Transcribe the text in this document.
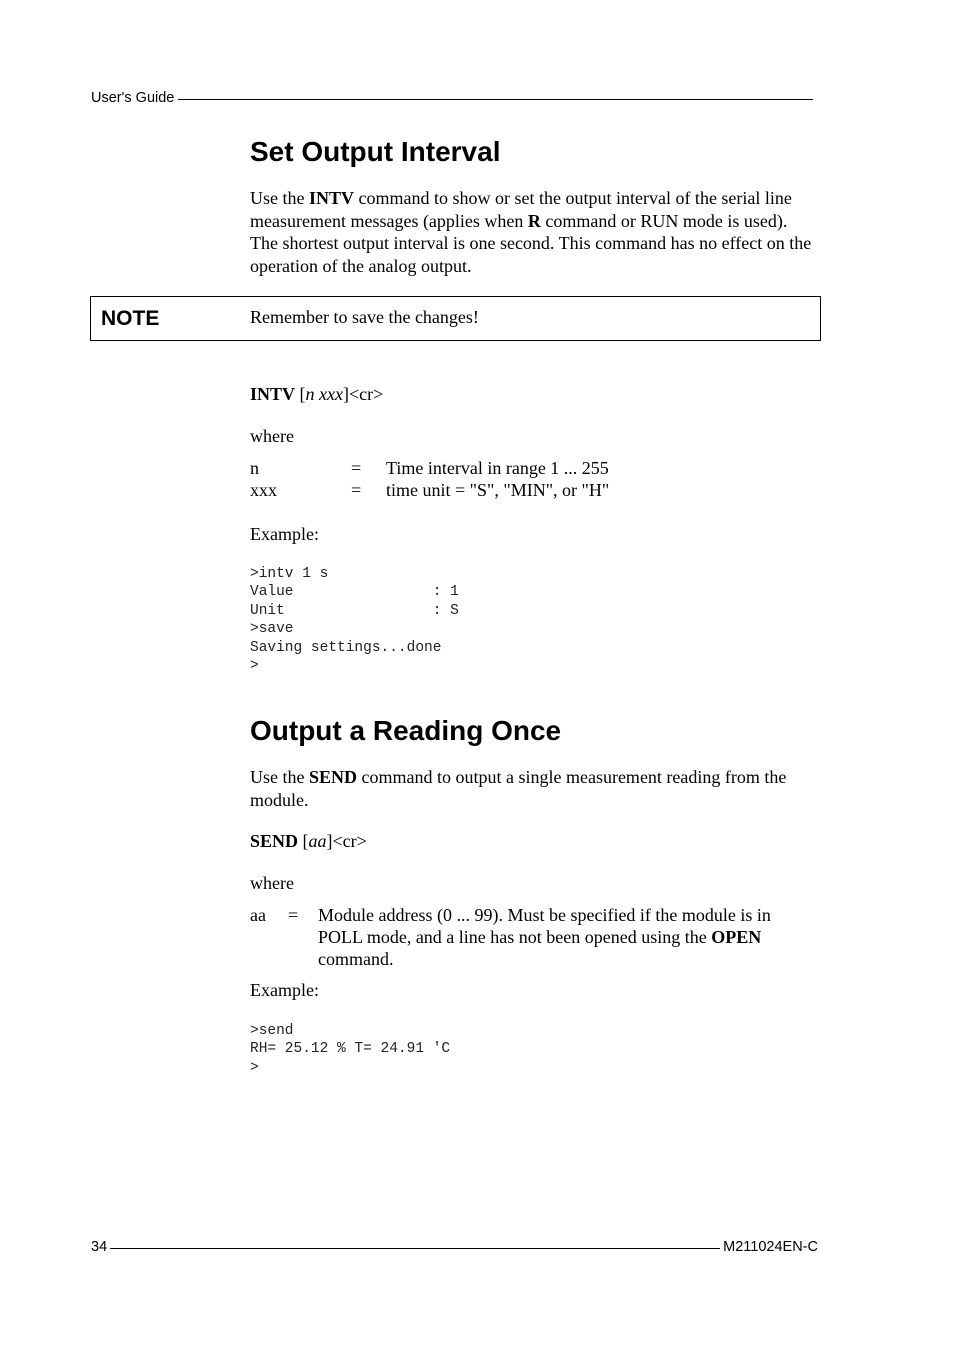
User's Guide
Set Output Interval

Use the INTV command to show or set the output interval of the serial line measurement messages (applies when R command or RUN mode is used). The shortest output interval is one second. This command has no effect on the operation of the analog output.

NOTE	Remember to save the changes!
INTV [n xxx]<cr>
where
n	= Time interval in range 1 ... 255
xxx	= time unit = "S", "MIN", or "H"
Example:
>intv 1 s
Value                : 1
Unit                 : S
>save
Saving settings...done
>
Output a Reading Once

Use the SEND command to output a single measurement reading from the module.

SEND [aa]<cr>
where
aa = Module address (0 ... 99). Must be specified if the module is in POLL mode, and a line has not been opened using the OPEN command.
Example:
>send
RH= 25.12 % T= 24.91 'C
>
34	M211024EN-C
